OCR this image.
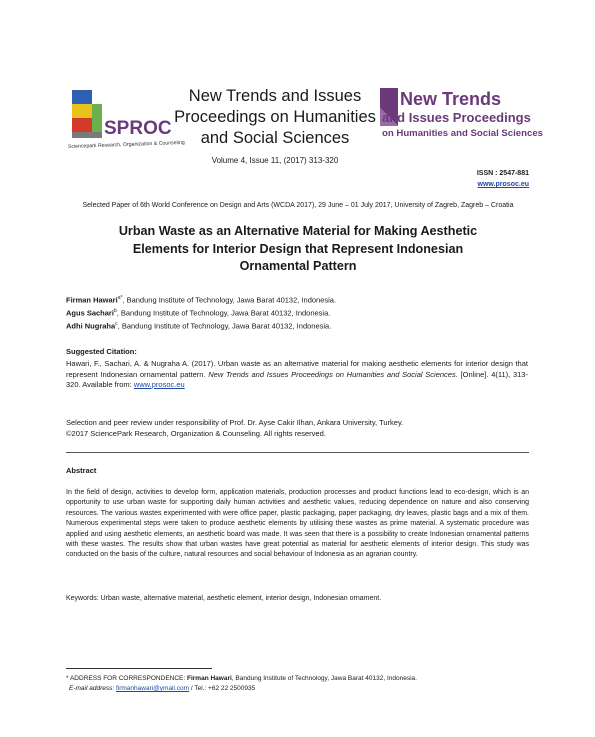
SPROC
Sciencepark Research, Organization & Counseling
New Trends and Issues
Proceedings on Humanities
and Social Sciences
Volume 4, Issue 11, (2017) 313-320
New Trends
and Issues Proceedings
on Humanities and Social Sciences
ISSN : 2547-881
www.prosoc.eu
Selected Paper of 6th World Conference on Design and Arts (WCDA 2017), 29 June – 01 July 2017, University of Zagreb, Zagreb – Croatia
Urban Waste as an Alternative Material for Making Aesthetic
Elements for Interior Design that Represent Indonesian
Ornamental Pattern
Firman Hawari$^{a*}$, Bandung Institute of Technology, Jawa Barat 40132, Indonesia.
Agus Sachari$^b$, Bandung Institute of Technology, Jawa Barat 40132, Indonesia.
Adhi Nugraha$^c$, Bandung Institute of Technology, Jawa Barat 40132, Indonesia.
Suggested Citation:
Hawari, F., Sachari, A. & Nugraha A. (2017). Urban waste as an alternative material for making aesthetic elements for interior design that represent Indonesian ornamental pattern. New Trends and Issues Proceedings on Humanities and Social Sciences. [Online]. 4(11), 313-320. Available from: www.prosoc.eu
Selection and peer review under responsibility of Prof. Dr. Ayse Cakir Ilhan, Ankara University, Turkey.
©2017 SciencePark Research, Organization & Counseling. All rights reserved.
Abstract
In the field of design, activities to develop form, application materials, production processes and product functions lead to eco-design, which is an opportunity to use urban waste for supporting daily human activities and aesthetic values, reducing dependence on nature and also conserving resources. The various wastes experimented with were office paper, plastic packaging, paper packaging, dry leaves, plastic bags and a mix of them. Numerous experimental steps were taken to produce aesthetic elements by utilising these wastes as prime material. A systematic procedure was applied and using aesthetic elements, an aesthetic board was made. It was seen that there is a possibility to create Indonesian ornamental patterns with these wastes. The results show that urban wastes have great potential as material for aesthetic elements of interior design. This study was conducted on the basis of the culture, natural resources and social behaviour of Indonesia as an agrarian country.
Keywords: Urban waste, alternative material, aesthetic element, interior design, Indonesian ornament.
* ADDRESS FOR CORRESPONDENCE: Firman Hawari, Bandung Institute of Technology, Jawa Barat 40132, Indonesia.
E-mail address: firmanhawari@ymail.com / Tel.: +62 22 2500935
